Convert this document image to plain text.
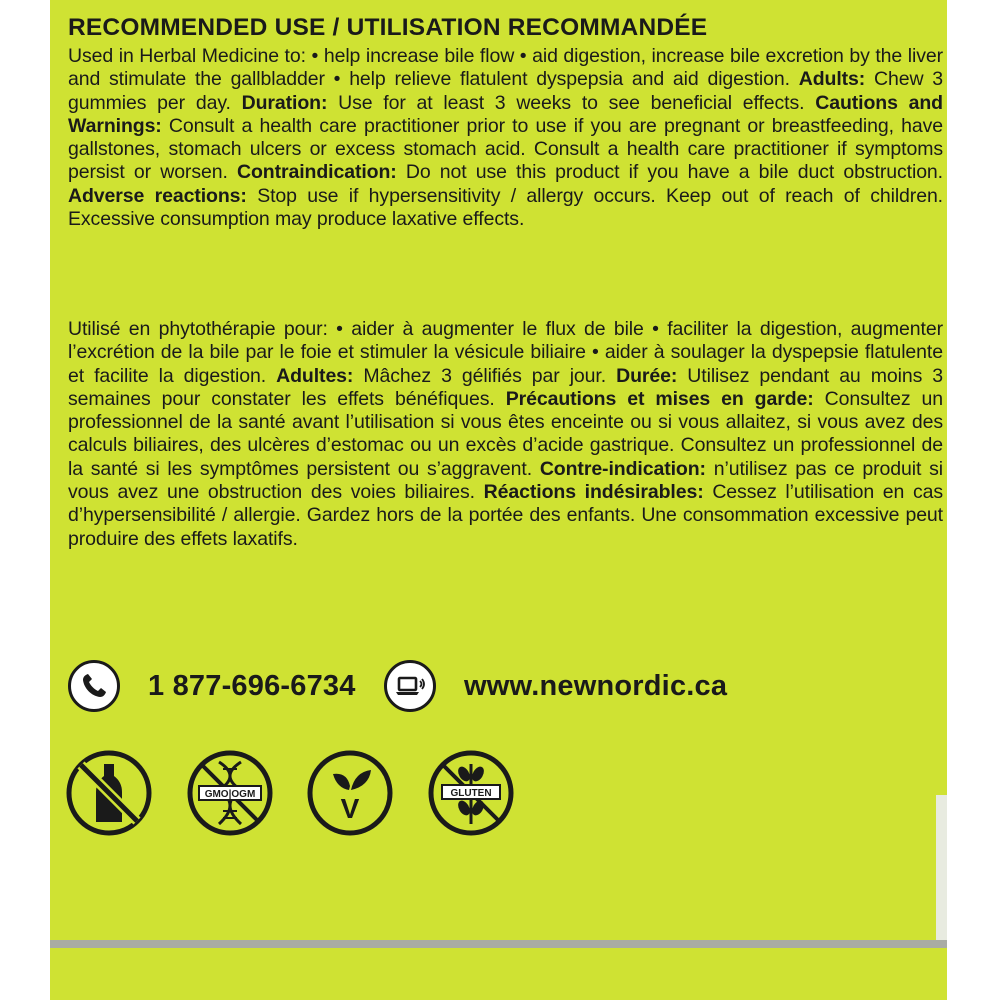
RECOMMENDED USE / UTILISATION RECOMMANDÉE
Used in Herbal Medicine to: • help increase bile flow • aid digestion, increase bile excretion by the liver and stimulate the gallbladder • help relieve flatulent dyspepsia and aid digestion. Adults: Chew 3 gummies per day. Duration: Use for at least 3 weeks to see beneficial effects. Cautions and Warnings: Consult a health care practitioner prior to use if you are pregnant or breastfeeding, have gallstones, stomach ulcers or excess stomach acid. Consult a health care practitioner if symptoms persist or worsen. Contraindication: Do not use this product if you have a bile duct obstruction. Adverse reactions: Stop use if hypersensitivity / allergy occurs. Keep out of reach of children. Excessive consumption may produce laxative effects.
Utilisé en phytothérapie pour: • aider à augmenter le flux de bile • faciliter la digestion, augmenter l’excrétion de la bile par le foie et stimuler la vésicule biliaire • aider à soulager la dyspepsie flatulente et facilite la digestion. Adultes: Mâchez 3 gélifiés par jour. Durée: Utilisez pendant au moins 3 semaines pour constater les effets bénéfiques. Précautions et mises en garde: Consultez un professionnel de la santé avant l’utilisation si vous êtes enceinte ou si vous allaitez, si vous avez des calculs biliaires, des ulcères d’estomac ou un excès d’acide gastrique. Consultez un professionnel de la santé si les symptômes persistent ou s’aggravent. Contre-indication: n’utilisez pas ce produit si vous avez une obstruction des voies biliaires. Réactions indésirables: Cessez l’utilisation en cas d’hypersensibilité / allergie. Gardez hors de la portée des enfants. Une consommation excessive peut produire des effets laxatifs.
1 877-696-6734	www.newnordic.ca
GMO|OGM	V	GLUTEN
